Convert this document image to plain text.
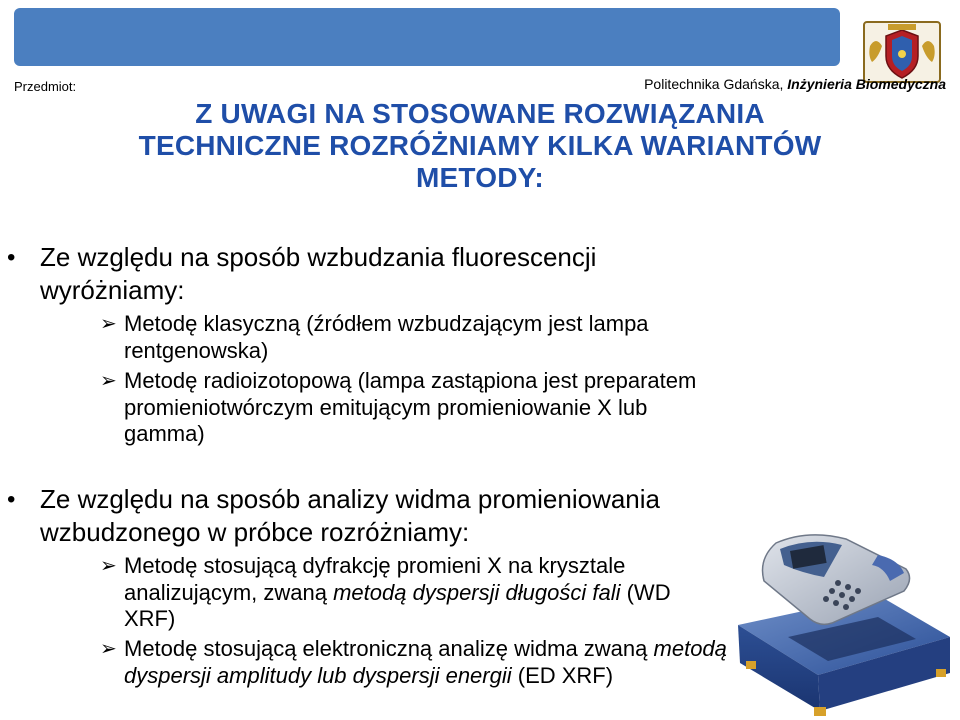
Przedmiot:	Politechnika Gdańska, Inżynieria Biomedyczna
Z UWAGI NA STOSOWANE ROZWIĄZANIA
TECHNICZNE ROZRÓŻNIAMY KILKA WARIANTÓW
METODY:
• Ze względu na sposób wzbudzania fluorescencji
wyróżniamy:
➢ Metodę klasyczną (źródłem wzbudzającym jest lampa
rentgenowska)
➢ Metodę radioizotopową (lampa zastąpiona jest preparatem
promieniotwórczym emitującym promieniowanie X lub
gamma)
• Ze względu na sposób analizy widma promieniowania
wzbudzonego w próbce rozróżniamy:
➢ Metodę stosującą dyfrakcję promieni X na krysztale
analizującym, zwaną metodą dyspersji długości fali (WD
XRF)
➢ Metodę stosującą elektroniczną analizę widma zwaną metodą
dyspersji amplitudy lub dyspersji energii (ED XRF)
